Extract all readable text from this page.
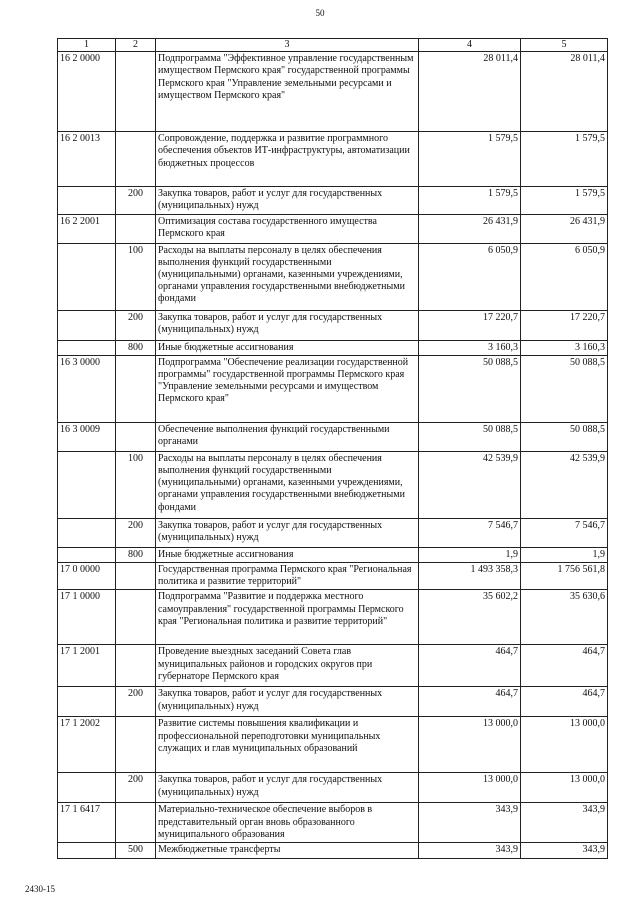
50
1	2	3	4	5
16 2 0000		Подпрограмма "Эффективное управление государственным имуществом Пермского края" государственной программы Пермского края "Управление земельными ресурсами и имуществом Пермского края"	28 011,4	28 011,4
16 2 0013		Сопровождение, поддержка и развитие программного обеспечения объектов ИТ-инфраструктуры, автоматизации бюджетных процессов	1 579,5	1 579,5
	200	Закупка товаров, работ и услуг для государственных (муниципальных) нужд	1 579,5	1 579,5
16 2 2001		Оптимизация состава государственного имущества Пермского края	26 431,9	26 431,9
	100	Расходы на выплаты персоналу в целях обеспечения выполнения функций государственными (муниципальными) органами, казенными учреждениями, органами управления государственными внебюджетными фондами	6 050,9	6 050,9
	200	Закупка товаров, работ и услуг для государственных (муниципальных) нужд	17 220,7	17 220,7
	800	Иные бюджетные ассигнования	3 160,3	3 160,3
16 3 0000		Подпрограмма "Обеспечение реализации государственной программы" государственной программы Пермского края "Управление земельными ресурсами и имуществом Пермского края"	50 088,5	50 088,5
16 3 0009		Обеспечение выполнения функций государственными органами	50 088,5	50 088,5
	100	Расходы на выплаты персоналу в целях обеспечения выполнения функций государственными (муниципальными) органами, казенными учреждениями, органами управления государственными внебюджетными фондами	42 539,9	42 539,9
	200	Закупка товаров, работ и услуг для государственных (муниципальных) нужд	7 546,7	7 546,7
	800	Иные бюджетные ассигнования	1,9	1,9
17 0 0000		Государственная программа Пермского края "Региональная политика и развитие территорий"	1 493 358,3	1 756 561,8
17 1 0000		Подпрограмма "Развитие и поддержка местного самоуправления" государственной программы Пермского края "Региональная политика и развитие территорий"	35 602,2	35 630,6
17 1 2001		Проведение выездных заседаний Совета глав муниципальных районов и городских округов при губернаторе Пермского края	464,7	464,7
	200	Закупка товаров, работ и услуг для государственных (муниципальных) нужд	464,7	464,7
17 1 2002		Развитие системы повышения квалификации и профессиональной переподготовки муниципальных служащих и глав муниципальных образований	13 000,0	13 000,0
	200	Закупка товаров, работ и услуг для государственных (муниципальных) нужд	13 000,0	13 000,0
17 1 6417		Материально-техническое обеспечение выборов в представительный орган вновь образованного муниципального образования	343,9	343,9
	500	Межбюджетные трансферты	343,9	343,9
2430-15
